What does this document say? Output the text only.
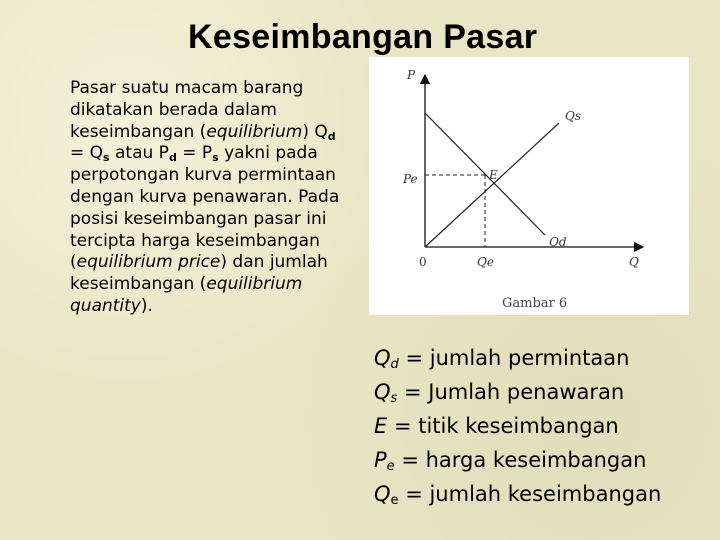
Keseimbangan Pasar
Pasar suatu macam barang dikatakan berada dalam keseimbangan (equilibrium) $Q_d = Q_s$ atau $P_d = P_s$ yakni pada perpotongan kurva permintaan dengan kurva penawaran. Pada posisi keseimbangan pasar ini tercipta harga keseimbangan (equilibrium price) dan jumlah keseimbangan (equilibrium quantity).
P
Qs
Pe	E
Qd
0	Qe	Q
Gambar 6
$Q_d$ = jumlah permintaan
$Q_s$ = Jumlah penawaran
E = titik keseimbangan
$P_e$ = harga keseimbangan
$Q_e$ = jumlah keseimbangan
